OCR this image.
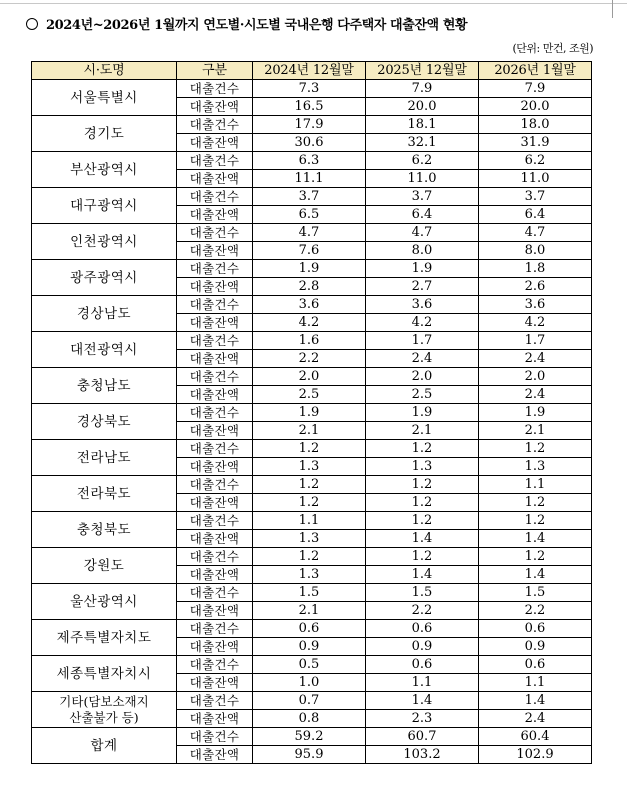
2024년~2026년 1월까지 연도별·시도별 국내은행 다주택자 대출잔액 현황
(단위: 만건, 조원)
시·도명	구분	2024년 12월말	2025년 12월말	2026년 1월말
서울특별시	대출건수	7.3	7.9	7.9
	대출잔액	16.5	20.0	20.0
경기도	대출건수	17.9	18.1	18.0
	대출잔액	30.6	32.1	31.9
부산광역시	대출건수	6.3	6.2	6.2
	대출잔액	11.1	11.0	11.0
대구광역시	대출건수	3.7	3.7	3.7
	대출잔액	6.5	6.4	6.4
인천광역시	대출건수	4.7	4.7	4.7
	대출잔액	7.6	8.0	8.0
광주광역시	대출건수	1.9	1.9	1.8
	대출잔액	2.8	2.7	2.6
경상남도	대출건수	3.6	3.6	3.6
	대출잔액	4.2	4.2	4.2
대전광역시	대출건수	1.6	1.7	1.7
	대출잔액	2.2	2.4	2.4
충청남도	대출건수	2.0	2.0	2.0
	대출잔액	2.5	2.5	2.4
경상북도	대출건수	1.9	1.9	1.9
	대출잔액	2.1	2.1	2.1
전라남도	대출건수	1.2	1.2	1.2
	대출잔액	1.3	1.3	1.3
전라북도	대출건수	1.2	1.2	1.1
	대출잔액	1.2	1.2	1.2
충청북도	대출건수	1.1	1.2	1.2
	대출잔액	1.3	1.4	1.4
강원도	대출건수	1.2	1.2	1.2
	대출잔액	1.3	1.4	1.4
울산광역시	대출건수	1.5	1.5	1.5
	대출잔액	2.1	2.2	2.2
제주특별자치도	대출건수	0.6	0.6	0.6
	대출잔액	0.9	0.9	0.9
세종특별자치시	대출건수	0.5	0.6	0.6
	대출잔액	1.0	1.1	1.1

기타(담보소재지
산출불가 등)	대출건수	0.7	1.4	1.4
	대출잔액	0.8	2.3	2.4
합계	대출건수	59.2	60.7	60.4
	대출잔액	95.9	103.2	102.9
